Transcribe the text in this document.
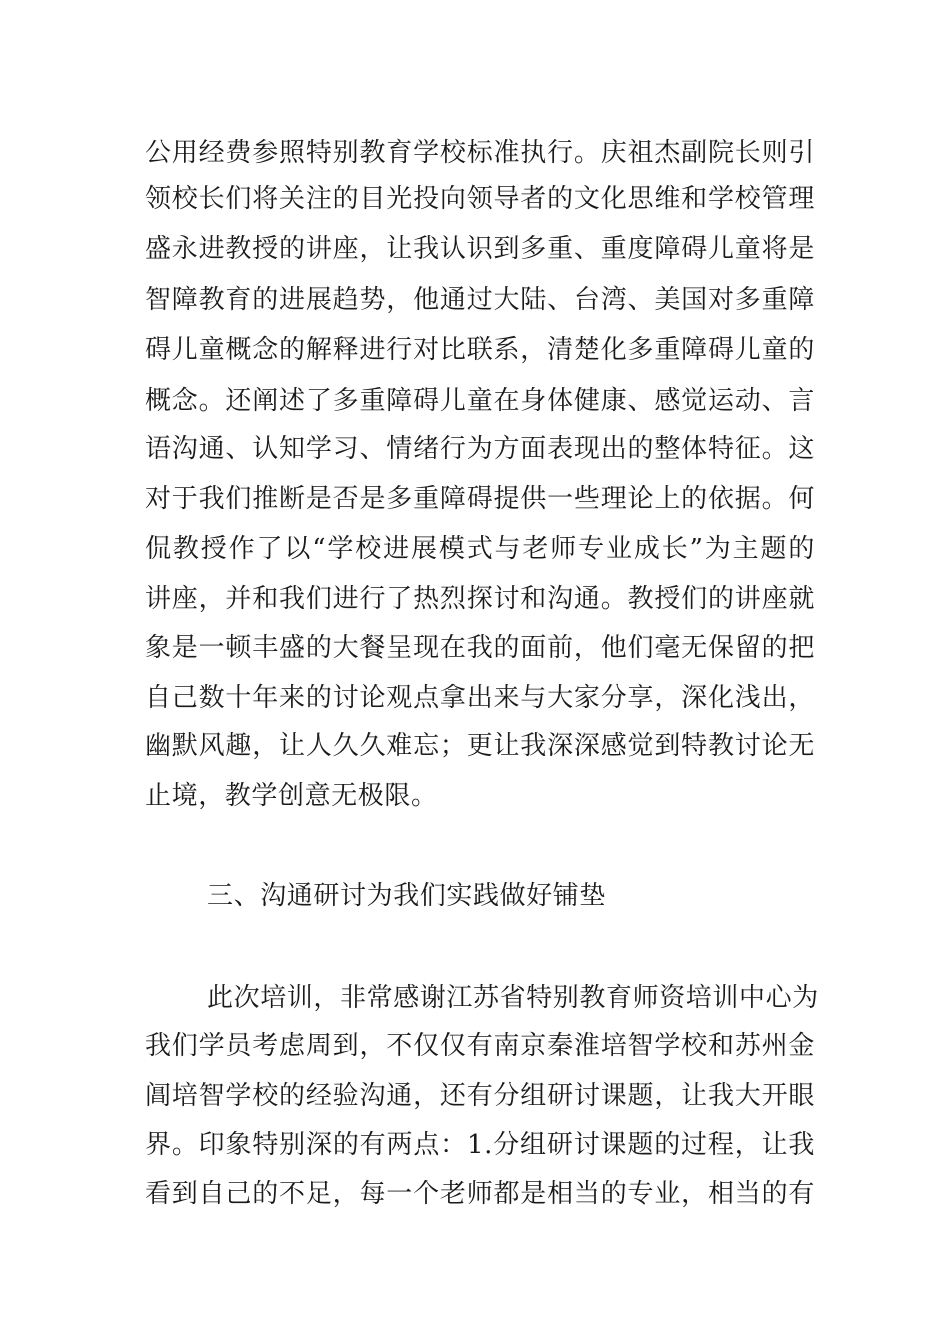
公用经费参照特别教育学校标准执行。庆祖杰副院长则引
领校长们将关注的目光投向领导者的文化思维和学校管理
盛永进教授的讲座，让我认识到多重、重度障碍儿童将是
智障教育的进展趋势，他通过大陆、台湾、美国对多重障
碍儿童概念的解释进行对比联系，清楚化多重障碍儿童的
概念。还阐述了多重障碍儿童在身体健康、感觉运动、言
语沟通、认知学习、情绪行为方面表现出的整体特征。这
对于我们推断是否是多重障碍提供一些理论上的依据。何
侃教授作了以“学校进展模式与老师专业成长”为主题的
讲座，并和我们进行了热烈探讨和沟通。教授们的讲座就
象是一顿丰盛的大餐呈现在我的面前，他们毫无保留的把
自己数十年来的讨论观点拿出来与大家分享，深化浅出，
幽默风趣，让人久久难忘；更让我深深感觉到特教讨论无
止境，教学创意无极限。
三、沟通研讨为我们实践做好铺垫
此次培训，非常感谢江苏省特别教育师资培训中心为
我们学员考虑周到，不仅仅有南京秦淮培智学校和苏州金
阊培智学校的经验沟通，还有分组研讨课题，让我大开眼
界。印象特别深的有两点：1.分组研讨课题的过程，让我
看到自己的不足，每一个老师都是相当的专业，相当的有
